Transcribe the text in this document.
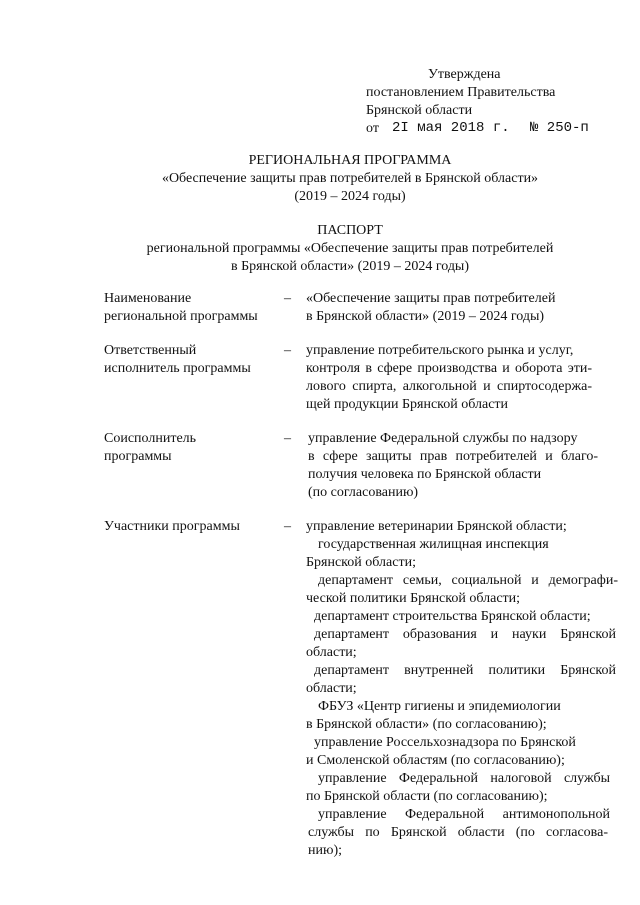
Утверждена
постановлением Правительства
Брянской области
от 2I мая 2018 г. № 250-п
РЕГИОНАЛЬНАЯ ПРОГРАММА
«Обеспечение защиты прав потребителей в Брянской области»
(2019 – 2024 годы)
ПАСПОРТ
региональной программы «Обеспечение защиты прав потребителей
в Брянской области» (2019 – 2024 годы)
Наименование
региональной программы
– «Обеспечение защиты прав потребителей
в Брянской области» (2019 – 2024 годы)
Ответственный
исполнитель программы
– управление потребительского рынка и услуг,
контроля в сфере производства и оборота эти-
лового спирта, алкогольной и спиртосодержа-
щей продукции Брянской области
Соисполнитель
программы
– управление Федеральной службы по надзору
в сфере защиты прав потребителей и благо-
получия человека по Брянской области
(по согласованию)
Участники программы	– управление ветеринарии Брянской области;
государственная жилищная инспекция
Брянской области;
департамент семьи, социальной и демографи-
ческой политики Брянской области;
департамент строительства Брянской области;
департамент образования и науки Брянской
области;
департамент внутренней политики Брянской
области;
ФБУЗ «Центр гигиены и эпидемиологии
в Брянской области» (по согласованию);
управление Россельхознадзора по Брянской
и Смоленской областям (по согласованию);
управление Федеральной налоговой службы
по Брянской области (по согласованию);
управление Федеральной антимонопольной
службы по Брянской области (по согласова-
нию);
